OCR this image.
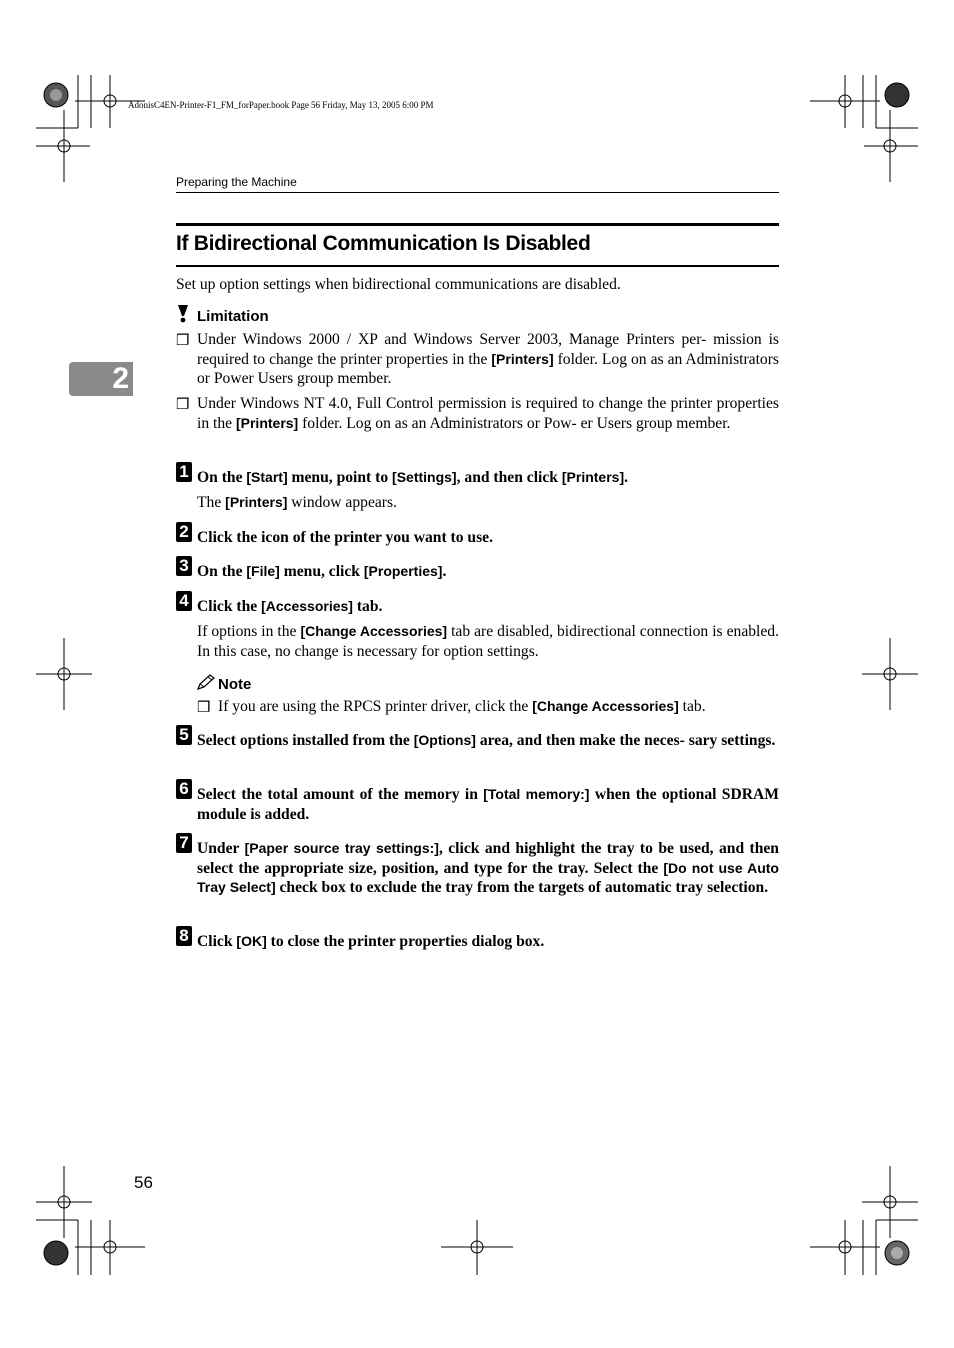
AdonisC4EN-Printer-F1_FM_forPaper.book Page 56 Friday, May 13, 2005 6:00 PM
Preparing the Machine
If Bidirectional Communication Is Disabled
2
Set up option settings when bidirectional communications are disabled.
Limitation
❒ Under Windows 2000 / XP and Windows Server 2003, Manage Printers per- mission is required to change the printer properties in the [Printers] folder. Log on as an Administrators or Power Users group member.
❒ Under Windows NT 4.0, Full Control permission is required to change the printer properties in the [Printers] folder. Log on as an Administrators or Pow- er Users group member.
1 On the [Start] menu, point to [Settings], and then click [Printers].
The [Printers] window appears.
2 Click the icon of the printer you want to use.
3 On the [File] menu, click [Properties].
4 Click the [Accessories] tab.
If options in the [Change Accessories] tab are disabled, bidirectional connection is enabled. In this case, no change is necessary for option settings.
Note
❒ If you are using the RPCS printer driver, click the [Change Accessories] tab.
5 Select options installed from the [Options] area, and then make the neces- sary settings.
6 Select the total amount of the memory in [Total memory:] when the optional SDRAM module is added.
7 Under [Paper source tray settings:], click and highlight the tray to be used, and then select the appropriate size, position, and type for the tray. Select the [Do not use Auto Tray Select] check box to exclude the tray from the targets of automatic tray selection.
8 Click [OK] to close the printer properties dialog box.
56
